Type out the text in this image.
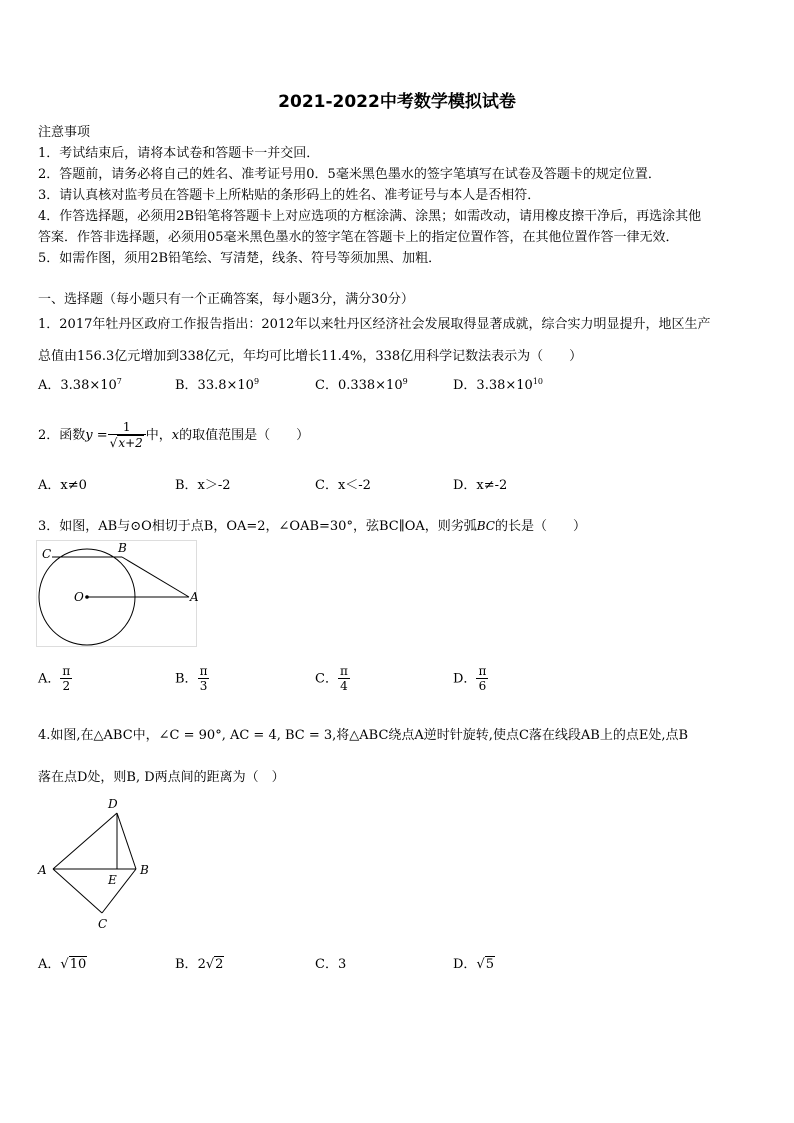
2021-2022中考数学模拟试卷
注意事项
1．考试结束后，请将本试卷和答题卡一并交回．
2．答题前，请务必将自己的姓名、准考证号用0．5毫米黑色墨水的签字笔填写在试卷及答题卡的规定位置．
3．请认真核对监考员在答题卡上所粘贴的条形码上的姓名、准考证号与本人是否相符．
4．作答选择题，必须用2B铅笔将答题卡上对应选项的方框涂满、涂黑；如需改动，请用橡皮擦干净后，再选涂其他
答案．作答非选择题，必须用05毫米黑色墨水的签字笔在答题卡上的指定位置作答，在其他位置作答一律无效．
5．如需作图，须用2B铅笔绘、写清楚，线条、符号等须加黑、加粗．
一、选择题（每小题只有一个正确答案，每小题3分，满分30分）
1．2017年牡丹区政府工作报告指出：2012年以来牡丹区经济社会发展取得显著成就，综合实力明显提升，地区生产
总值由156.3亿元增加到338亿元，年均可比增长11.4%，338亿用科学记数法表示为（　　）
A．$3.38\times 10^7$	B．$33.8\times 10^9$	C．$0.338\times 10^9$	D．$3.38\times 10^{10}$
2．函数$y = \frac{1}{√x+2}$ 中，x的取值范围是（　　）
A．x≠0	B．x＞-2	C．x＜-2	D．x≠-2
3．如图，AB与⊙O相切于点B，OA=2，∠OAB=30°，弦BC∥OA，则劣弧BC的长是（　　）
C	B
O	A
A． $\frac{\pi}{2}$	B． $\frac{\pi}{3}$	C． $\frac{\pi}{4}$	D． $\frac{\pi}{6}$
4.如图,在△ABC中，∠C = 90°, AC = 4, BC = 3,将△ABC绕点A逆时针旋转,使点C落在线段AB上的点E处,点B
落在点D处，则B, D两点间的距离为（　）
D
A
E
B
C
A．√10	B．2√2	C．3	D．√5
